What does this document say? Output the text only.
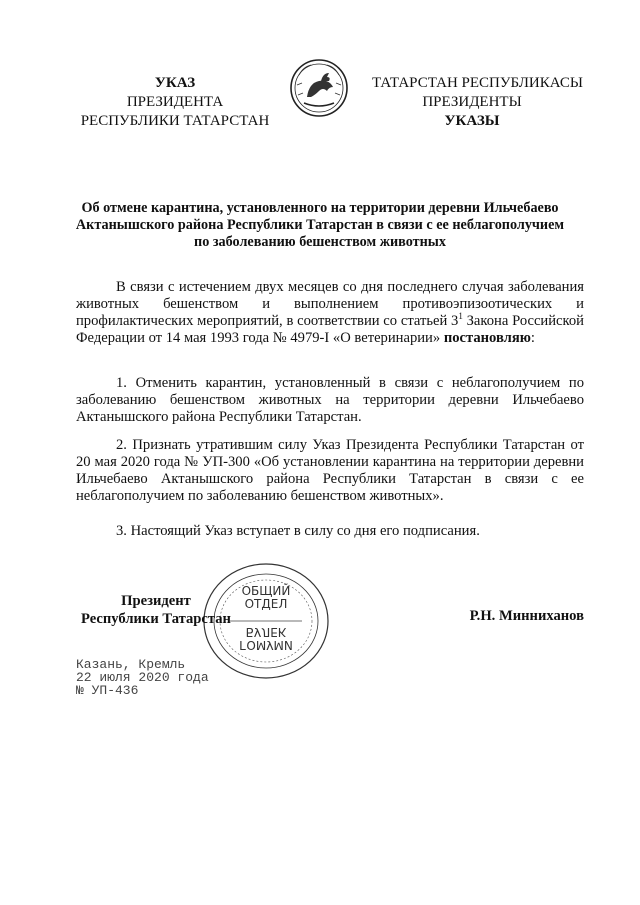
УКАЗ
ПРЕЗИДЕНТА
РЕСПУБЛИКИ ТАТАРСТАН
ТАТАРСТАН РЕСПУБЛИКАСЫ
ПРЕЗИДЕНТЫ
УКАЗЫ
Об отмене карантина, установленного на территории деревни Ильчебаево
Актанышского района Республики Татарстан в связи с ее неблагополучием
по заболеванию бешенством животных
В связи с истечением двух месяцев со дня последнего случая заболевания животных бешенством и выполнением противоэпизоотических и профилактических мероприятий, в соответствии со статьей $3^1$ Закона Российской Федерации от 14 мая 1993 года № 4979-I «О ветеринарии» постановляю:
1. Отменить карантин, установленный в связи с неблагополучием по заболеванию бешенством животных на территории деревни Ильчебаево Актанышского района Республики Татарстан.
2. Признать утратившим силу Указ Президента Республики Татарстан от 20 мая 2020 года № УП-300 «Об установлении карантина на территории деревни Ильчебаево Актанышского района Республики Татарстан в связи с ее неблагополучием по заболеванию бешенством животных».
3. Настоящий Указ вступает в силу со дня его подписания.
ОБЩИЙ
ОТДЕЛ
БУЛЕК
ГОМУМИ
Президент
Республики Татарстан	Р.Н. Минниханов
Казань, Кремль
22 июля 2020 года
№ УП-436
